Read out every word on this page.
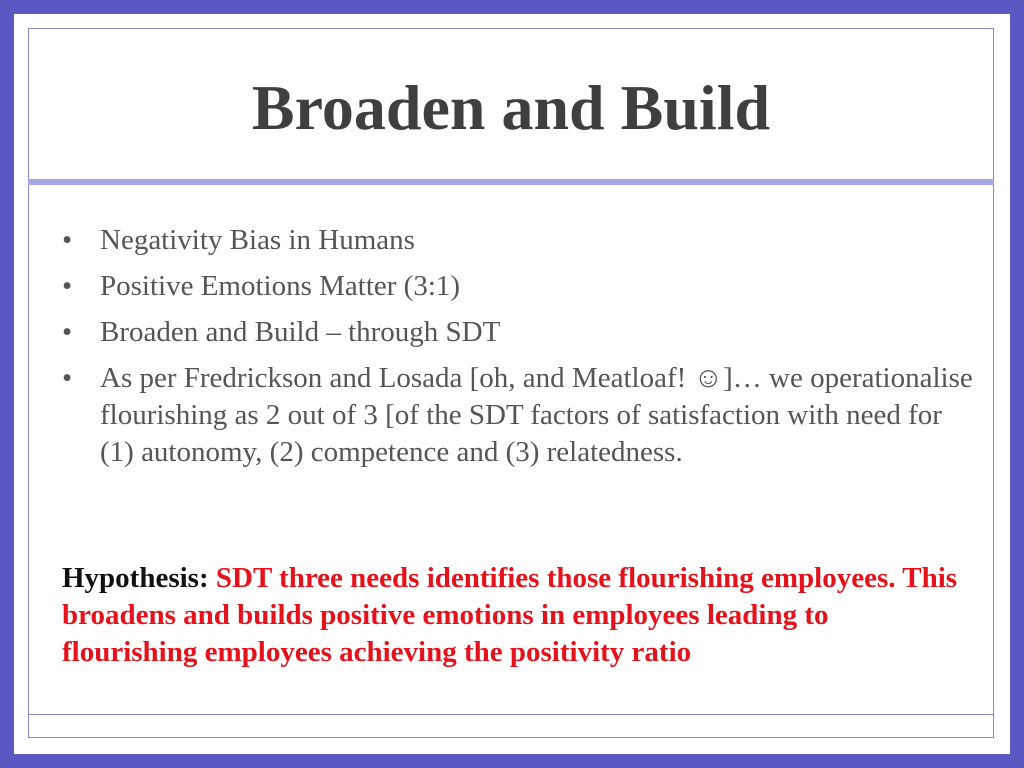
Broaden and Build
• Negativity Bias in Humans
• Positive Emotions Matter (3:1)
• Broaden and Build – through SDT
• As per Fredrickson and Losada [oh, and Meatloaf! ☺]… we operationalise flourishing as 2 out of 3 [of the SDT factors of satisfaction with need for (1) autonomy, (2) competence and (3) relatedness.

Hypothesis: SDT three needs identifies those flourishing employees. This broadens and builds positive emotions in employees leading to flourishing employees achieving the positivity ratio
